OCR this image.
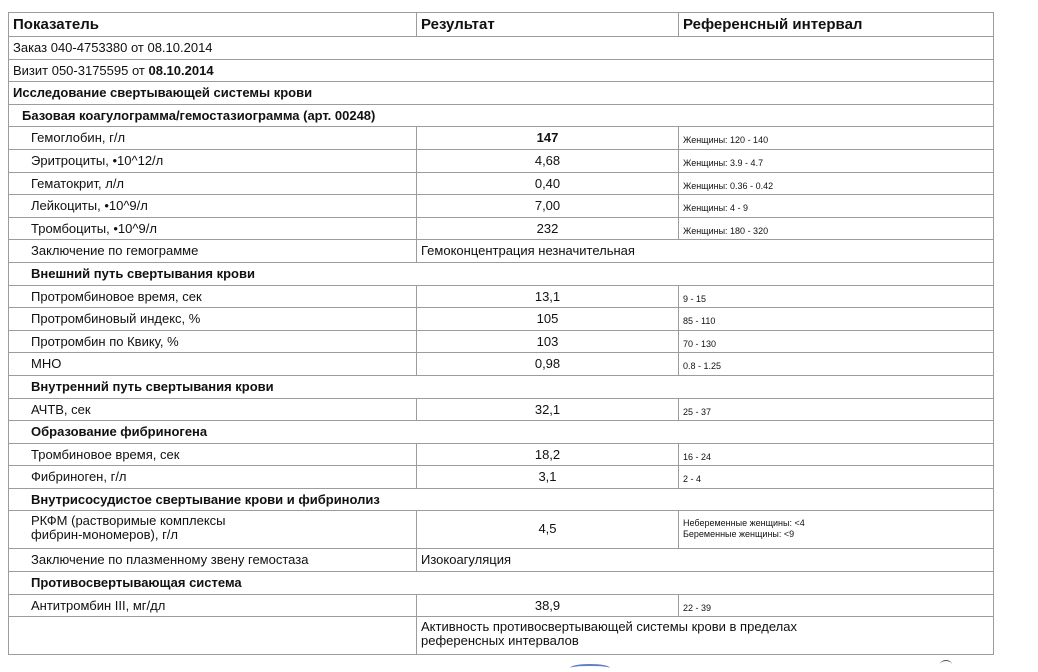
Показатель	Результат	Референсный интервал
Заказ 040-4753380 от 08.10.2014
Визит 050-3175595 от 08.10.2014
Исследование свертывающей системы крови
Базовая коагулограмма/гемостазиограмма (арт. 00248)
Гемоглобин, г/л	147	Женщины: 120 - 140
Эритроциты, •10^12/л	4,68	Женщины: 3.9 - 4.7
Гематокрит, л/л	0,40	Женщины: 0.36 - 0.42
Лейкоциты, •10^9/л	7,00	Женщины: 4 - 9
Тромбоциты, •10^9/л	232	Женщины: 180 - 320
Заключение по гемограмме	Гемоконцентрация незначительная
Внешний путь свертывания крови
Протромбиновое время, сек	13,1	9 - 15
Протромбиновый индекс, %	105	85 - 110
Протромбин по Квику, %	103	70 - 130
МНО	0,98	0.8 - 1.25
Внутренний путь свертывания крови
АЧТВ, сек	32,1	25 - 37
Образование фибриногена
Тромбиновое время, сек	18,2	16 - 24
Фибриноген, г/л	3,1	2 - 4
Внутрисосудистое свертывание крови и фибринолиз
РКФМ (растворимые комплексы
фибрин-мономеров), г/л	4,5	Небеременные женщины: <4
Беременные женщины: <9
Заключение по плазменному звену гемостаза	Изокоагуляция
Противосвертывающая система
Антитромбин III, мг/дл	38,9	22 - 39
Активность противосвертывающей системы крови в пределах
референсных интервалов
